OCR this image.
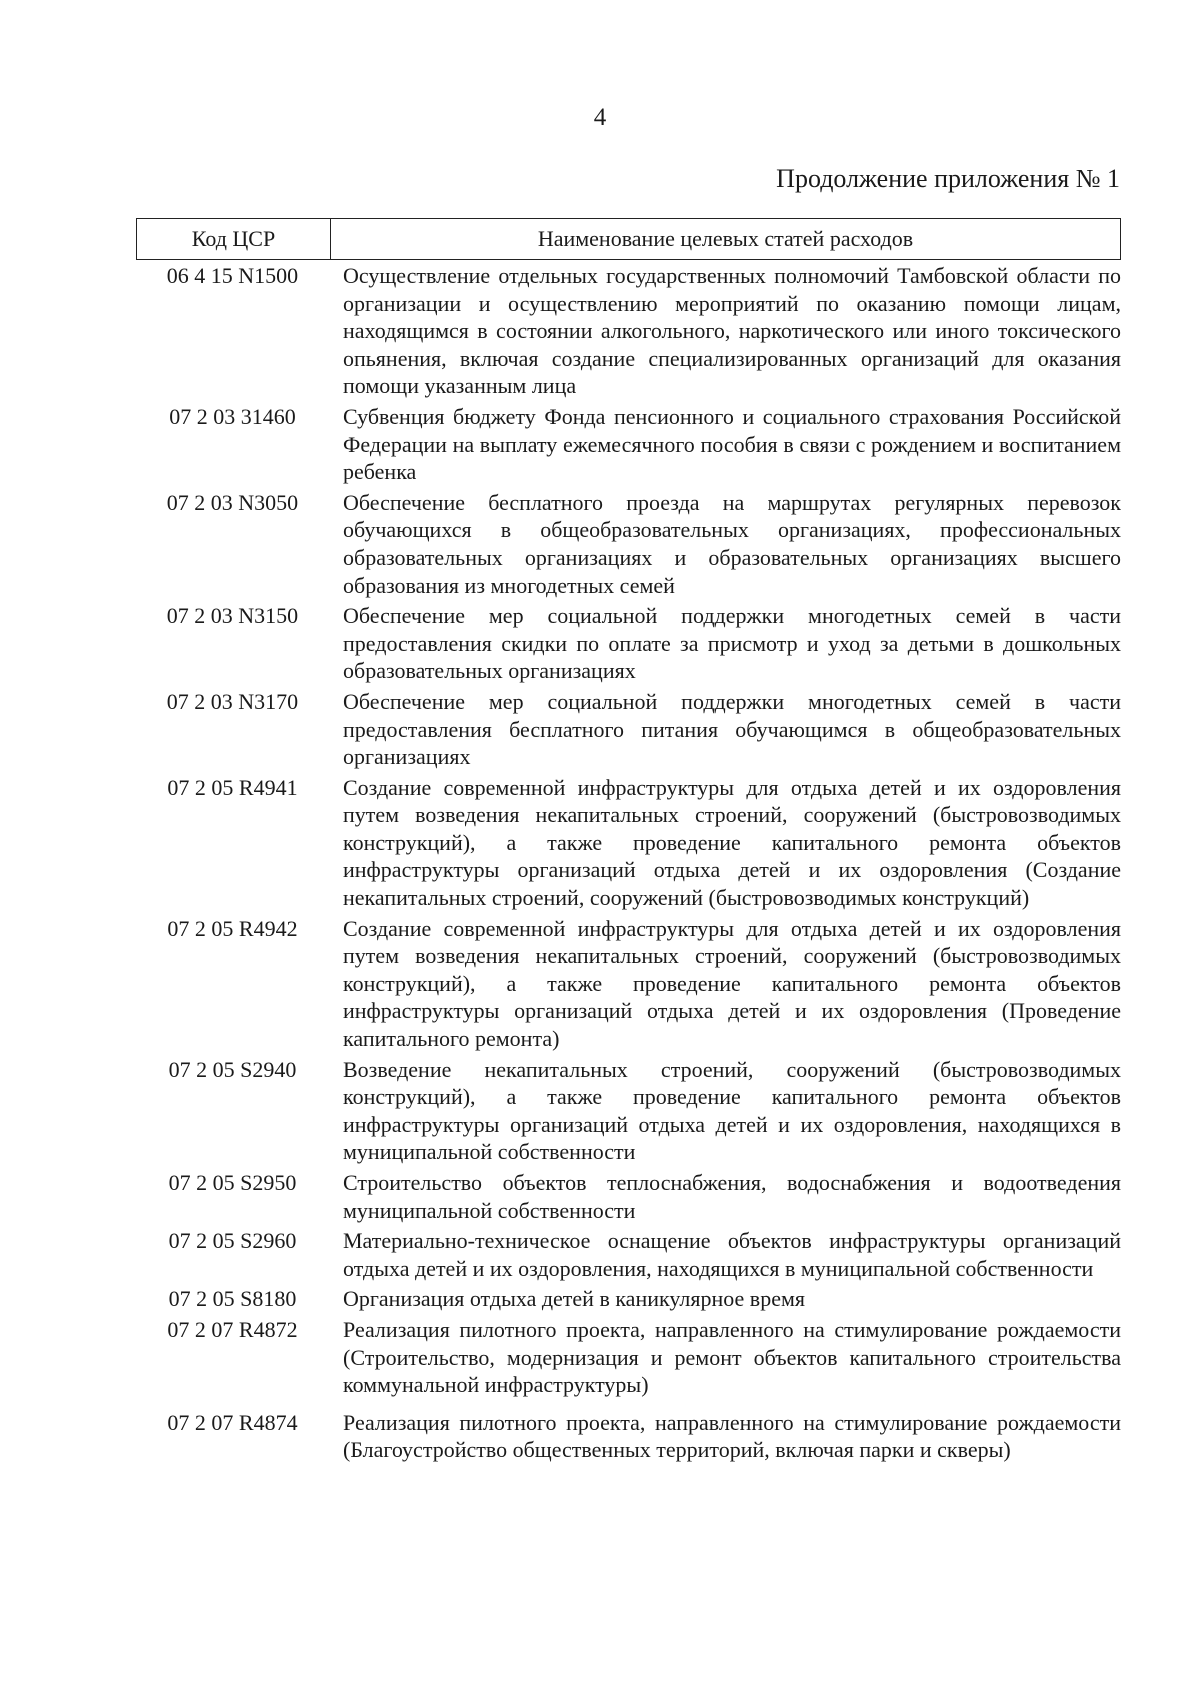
4
Продолжение приложения № 1
Код ЦСР	Наименование целевых статей расходов
06 4 15 N1500	Осуществление отдельных государственных полномочий Тамбовской области по организации и осуществлению мероприятий по оказанию помощи лицам, находящимся в состоянии алкогольного, наркотического или иного токсического опьянения, включая создание специализированных организаций для оказания помощи указанным лица
07 2 03 31460	Субвенция бюджету Фонда пенсионного и социального страхования Российской Федерации на выплату ежемесячного пособия в связи с рождением и воспитанием ребенка
07 2 03 N3050	Обеспечение бесплатного проезда на маршрутах регулярных перевозок обучающихся в общеобразовательных организациях, профессиональных образовательных организациях и образовательных организациях высшего образования из многодетных семей
07 2 03 N3150	Обеспечение мер социальной поддержки многодетных семей в части предоставления скидки по оплате за присмотр и уход за детьми в дошкольных образовательных организациях
07 2 03 N3170	Обеспечение мер социальной поддержки многодетных семей в части предоставления бесплатного питания обучающимся в общеобразовательных организациях
07 2 05 R4941	Создание современной инфраструктуры для отдыха детей и их оздоровления путем возведения некапитальных строений, сооружений (быстровозводимых конструкций), а также проведение капитального ремонта объектов инфраструктуры организаций отдыха детей и их оздоровления (Создание некапитальных строений, сооружений (быстровозводимых конструкций)
07 2 05 R4942	Создание современной инфраструктуры для отдыха детей и их оздоровления путем возведения некапитальных строений, сооружений (быстровозводимых конструкций), а также проведение капитального ремонта объектов инфраструктуры организаций отдыха детей и их оздоровления (Проведение капитального ремонта)
07 2 05 S2940	Возведение некапитальных строений, сооружений (быстровозводимых конструкций), а также проведение капитального ремонта объектов инфраструктуры организаций отдыха детей и их оздоровления, находящихся в муниципальной собственности
07 2 05 S2950	Строительство объектов теплоснабжения, водоснабжения и водоотведения муниципальной собственности
07 2 05 S2960	Материально-техническое оснащение объектов инфраструктуры организаций отдыха детей и их оздоровления, находящихся в муниципальной собственности
07 2 05 S8180	Организация отдыха детей в каникулярное время
07 2 07 R4872	Реализация пилотного проекта, направленного на стимулирование рождаемости (Строительство, модернизация и ремонт объектов капитального строительства коммунальной инфраструктуры)
07 2 07 R4874	Реализация пилотного проекта, направленного на стимулирование рождаемости (Благоустройство общественных территорий, включая парки и скверы)
